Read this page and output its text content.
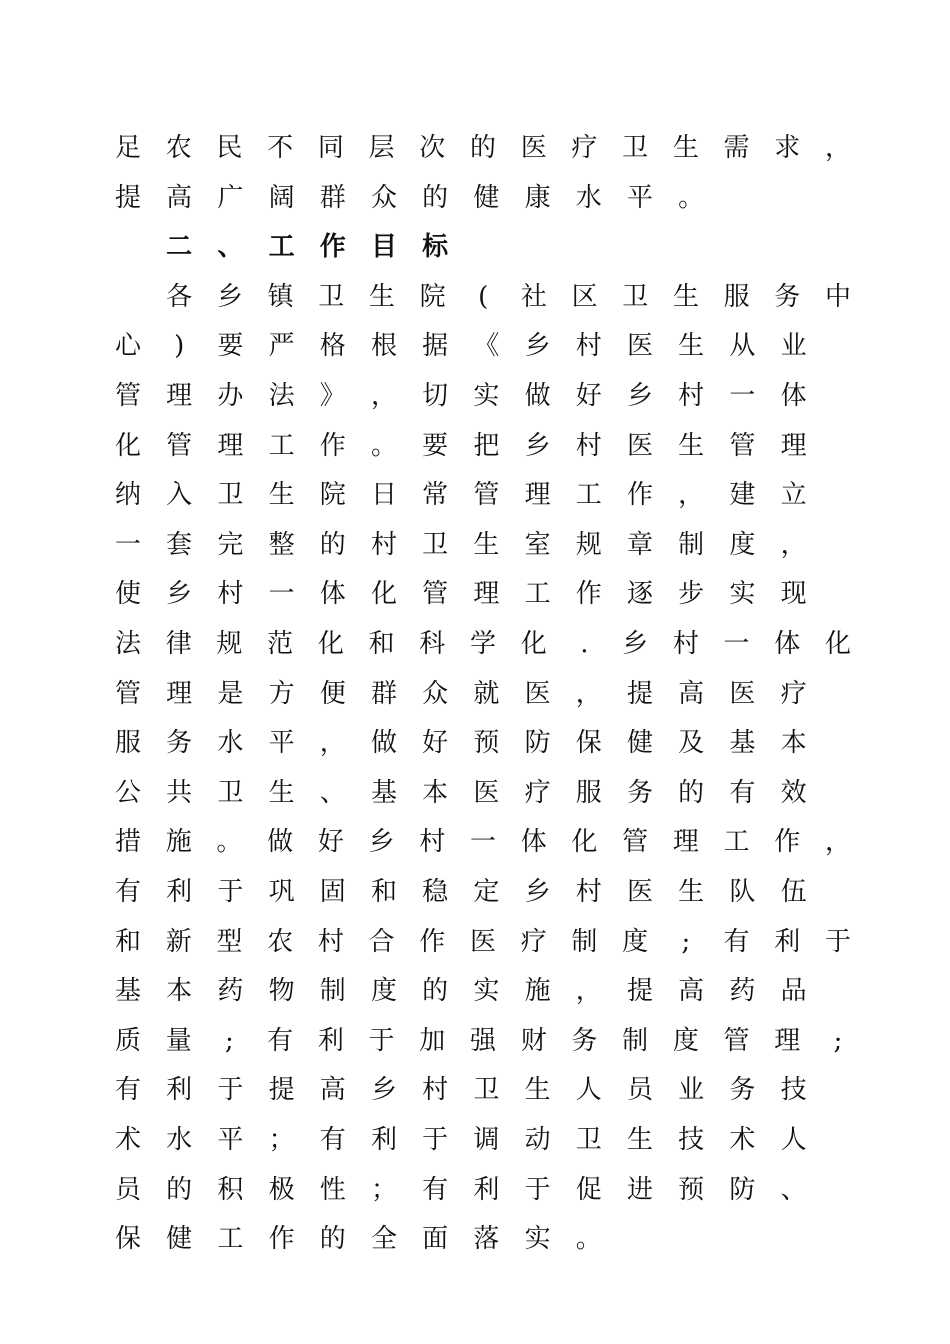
足 农 民 不 同 层 次 的 医 疗 卫 生 需 求 ，
提 高 广 阔 群 众 的 健 康 水 平 。
二 、 工 作 目 标
各 乡 镇 卫 生 院 ( 社 区 卫 生 服 务 中
心 ) 要 严 格 根 据 《 乡 村 医 生 从 业
管 理 办 法 》 ， 切 实 做 好 乡 村 一 体
化 管 理 工 作 。 要 把 乡 村 医 生 管 理
纳 入 卫 生 院 日 常 管 理 工 作 ， 建 立
一 套 完 整 的 村 卫 生 室 规 章 制 度 ，
使 乡 村 一 体 化 管 理 工 作 逐 步 实 现
法 律 规 范 化 和 科 学 化 . 乡 村 一 体 化
管 理 是 方 便 群 众 就 医 ， 提 高 医 疗
服 务 水 平 ， 做 好 预 防 保 健 及 基 本
公 共 卫 生 、 基 本 医 疗 服 务 的 有 效
措 施 。 做 好 乡 村 一 体 化 管 理 工 作 ，
有 利 于 巩 固 和 稳 定 乡 村 医 生 队 伍
和 新 型 农 村 合 作 医 疗 制 度 ; 有 利 于
基 本 药 物 制 度 的 实 施 ， 提 高 药 品
质 量 ; 有 利 于 加 强 财 务 制 度 管 理 ;
有 利 于 提 高 乡 村 卫 生 人 员 业 务 技
术 水 平 ； 有 利 于 调 动 卫 生 技 术 人
员 的 积 极 性 ； 有 利 于 促 进 预 防 、
保 健 工 作 的 全 面 落 实 。
